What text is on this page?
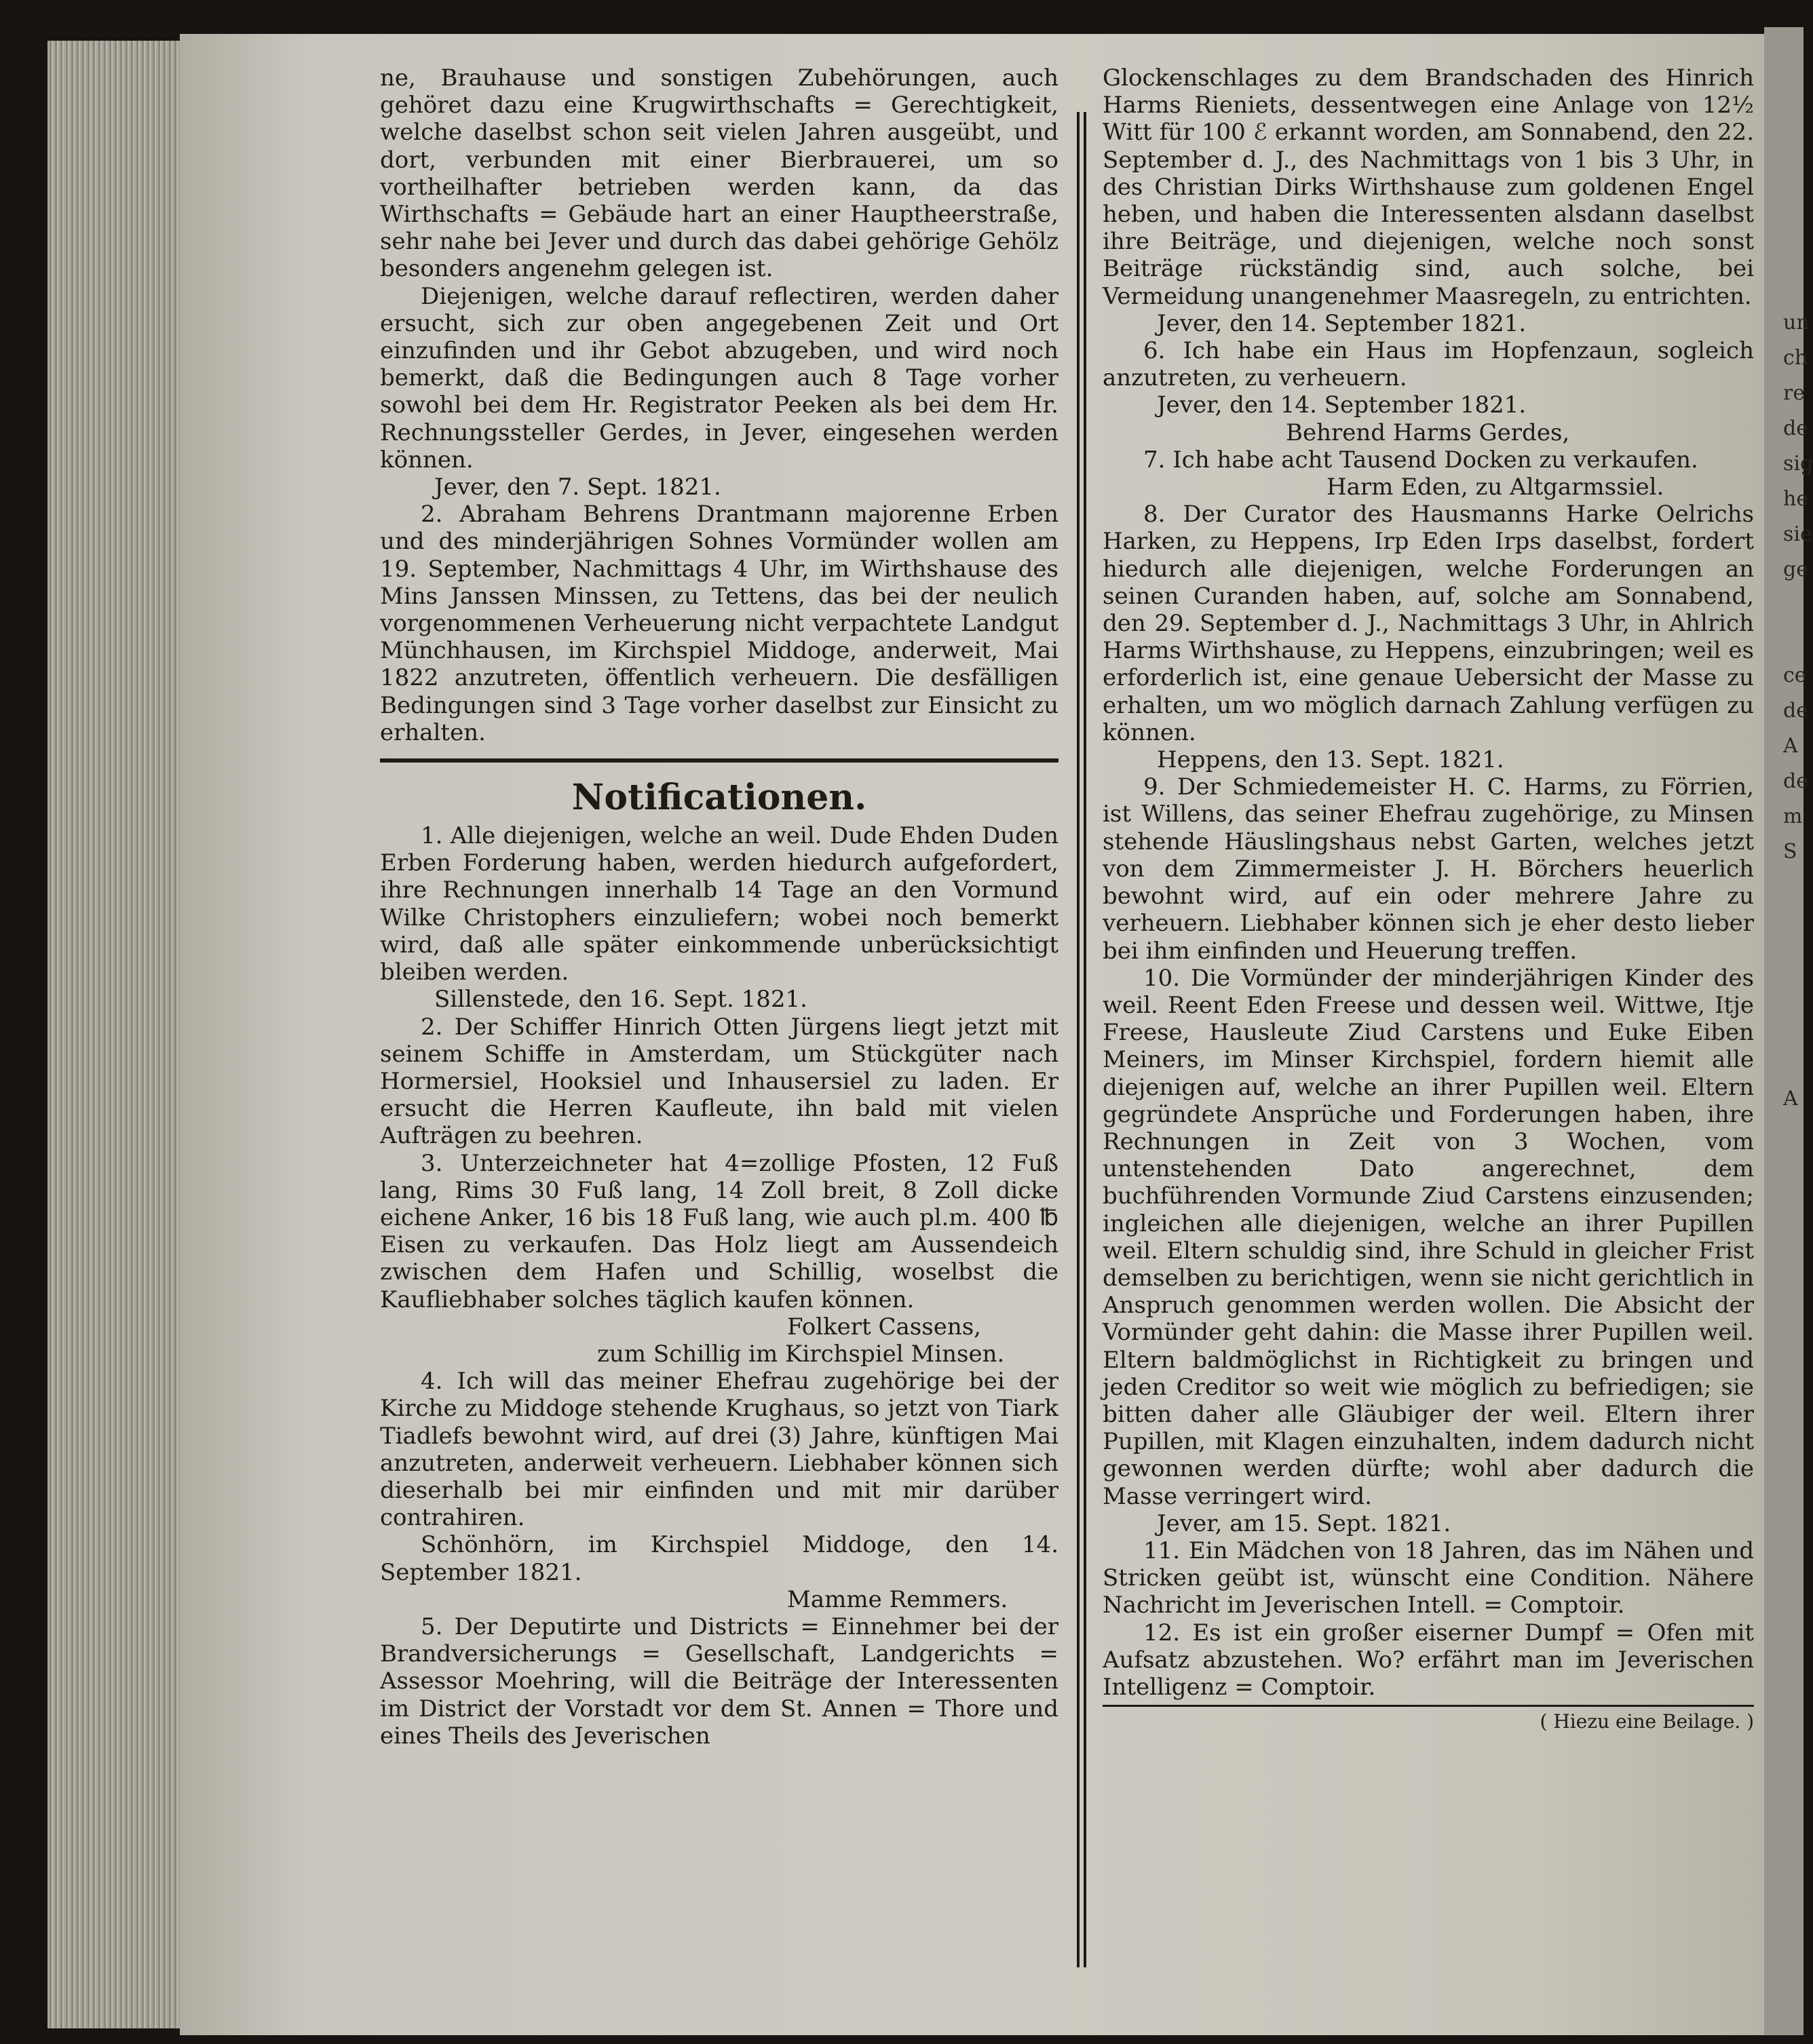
un
ch
re
de
sig
he
sie
ge

ce
de
A
de
m
S

A

ne, Brauhause und sonstigen Zubehörungen, auch gehöret dazu eine Krugwirthschafts = Gerechtigkeit, welche daselbst schon seit vielen Jahren ausgeübt, und dort, verbunden mit einer Bierbrauerei, um so vortheilhafter betrieben werden kann, da das Wirthschafts = Gebäude hart an einer Hauptheerstraße, sehr nahe bei Jever und durch das dabei gehörige Gehölz besonders angenehm gelegen ist.

Diejenigen, welche darauf reflectiren, werden daher ersucht, sich zur oben angegebenen Zeit und Ort einzufinden und ihr Gebot abzugeben, und wird noch bemerkt, daß die Bedingungen auch 8 Tage vorher sowohl bei dem Hr. Registrator Peeken als bei dem Hr. Rechnungssteller Gerdes, in Jever, eingesehen werden können.

Jever, den 7. Sept. 1821.

2. Abraham Behrens Drantmann majorenne Erben und des minderjährigen Sohnes Vormünder wollen am 19. September, Nachmittags 4 Uhr, im Wirthshause des Mins Janssen Minssen, zu Tettens, das bei der neulich vorgenommenen Verheuerung nicht verpachtete Landgut Münchhausen, im Kirchspiel Middoge, anderweit, Mai 1822 anzutreten, öffentlich verheuern. Die desfälligen Bedingungen sind 3 Tage vorher daselbst zur Einsicht zu erhalten.

Notificationen.

1. Alle diejenigen, welche an weil. Dude Ehden Duden Erben Forderung haben, werden hiedurch aufgefordert, ihre Rechnungen innerhalb 14 Tage an den Vormund Wilke Christophers einzuliefern; wobei noch bemerkt wird, daß alle später einkommende unberücksichtigt bleiben werden.

Sillenstede, den 16. Sept. 1821.

2. Der Schiffer Hinrich Otten Jürgens liegt jetzt mit seinem Schiffe in Amsterdam, um Stückgüter nach Hormersiel, Hooksiel und Inhausersiel zu laden. Er ersucht die Herren Kaufleute, ihn bald mit vielen Aufträgen zu beehren.

3. Unterzeichneter hat 4=zollige Pfosten, 12 Fuß lang, Rims 30 Fuß lang, 14 Zoll breit, 8 Zoll dicke eichene Anker, 16 bis 18 Fuß lang, wie auch pl.m. 400 ℔ Eisen zu verkaufen. Das Holz liegt am Aussendeich zwischen dem Hafen und Schillig, woselbst die Kaufliebhaber solches täglich kaufen können.

Folkert Cassens,

zum Schillig im Kirchspiel Minsen.

4. Ich will das meiner Ehefrau zugehörige bei der Kirche zu Middoge stehende Krughaus, so jetzt von Tiark Tiadlefs bewohnt wird, auf drei (3) Jahre, künftigen Mai anzutreten, anderweit verheuern. Liebhaber können sich dieserhalb bei mir einfinden und mit mir darüber contrahiren.

Schönhörn, im Kirchspiel Middoge, den 14. September 1821.

Mamme Remmers.

5. Der Deputirte und Districts = Einnehmer bei der Brandversicherungs = Gesellschaft, Landgerichts = Assessor Moehring, will die Beiträge der Interessenten im District der Vorstadt vor dem St. Annen = Thore und eines Theils des Jeverischen

Glockenschlages zu dem Brandschaden des Hinrich Harms Rieniets, dessentwegen eine Anlage von 12½ Witt für 100 ℰ erkannt worden, am Sonnabend, den 22. September d. J., des Nachmittags von 1 bis 3 Uhr, in des Christian Dirks Wirthshause zum goldenen Engel heben, und haben die Interessenten alsdann daselbst ihre Beiträge, und diejenigen, welche noch sonst Beiträge rückständig sind, auch solche, bei Vermeidung unangenehmer Maasregeln, zu entrichten.

Jever, den 14. September 1821.

6. Ich habe ein Haus im Hopfenzaun, sogleich anzutreten, zu verheuern.

Jever, den 14. September 1821.

Behrend Harms Gerdes,

7. Ich habe acht Tausend Docken zu verkaufen.

Harm Eden, zu Altgarmssiel.

8. Der Curator des Hausmanns Harke Oelrichs Harken, zu Heppens, Irp Eden Irps daselbst, fordert hiedurch alle diejenigen, welche Forderungen an seinen Curanden haben, auf, solche am Sonnabend, den 29. September d. J., Nachmittags 3 Uhr, in Ahlrich Harms Wirthshause, zu Heppens, einzubringen; weil es erforderlich ist, eine genaue Uebersicht der Masse zu erhalten, um wo möglich darnach Zahlung verfügen zu können.

Heppens, den 13. Sept. 1821.

9. Der Schmiedemeister H. C. Harms, zu Förrien, ist Willens, das seiner Ehefrau zugehörige, zu Minsen stehende Häuslingshaus nebst Garten, welches jetzt von dem Zimmermeister J. H. Börchers heuerlich bewohnt wird, auf ein oder mehrere Jahre zu verheuern. Liebhaber können sich je eher desto lieber bei ihm einfinden und Heuerung treffen.

10. Die Vormünder der minderjährigen Kinder des weil. Reent Eden Freese und dessen weil. Wittwe, Itje Freese, Hausleute Ziud Carstens und Euke Eiben Meiners, im Minser Kirchspiel, fordern hiemit alle diejenigen auf, welche an ihrer Pupillen weil. Eltern gegründete Ansprüche und Forderungen haben, ihre Rechnungen in Zeit von 3 Wochen, vom untenstehenden Dato angerechnet, dem buchführenden Vormunde Ziud Carstens einzusenden; ingleichen alle diejenigen, welche an ihrer Pupillen weil. Eltern schuldig sind, ihre Schuld in gleicher Frist demselben zu berichtigen, wenn sie nicht gerichtlich in Anspruch genommen werden wollen. Die Absicht der Vormünder geht dahin: die Masse ihrer Pupillen weil. Eltern baldmöglichst in Richtigkeit zu bringen und jeden Creditor so weit wie möglich zu befriedigen; sie bitten daher alle Gläubiger der weil. Eltern ihrer Pupillen, mit Klagen einzuhalten, indem dadurch nicht gewonnen werden dürfte; wohl aber dadurch die Masse verringert wird.

Jever, am 15. Sept. 1821.

11. Ein Mädchen von 18 Jahren, das im Nähen und Stricken geübt ist, wünscht eine Condition. Nähere Nachricht im Jeverischen Intell. = Comptoir.

12. Es ist ein großer eiserner Dumpf = Ofen mit Aufsatz abzustehen. Wo? erfährt man im Jeverischen Intelligenz = Comptoir.

( Hiezu eine Beilage. )
